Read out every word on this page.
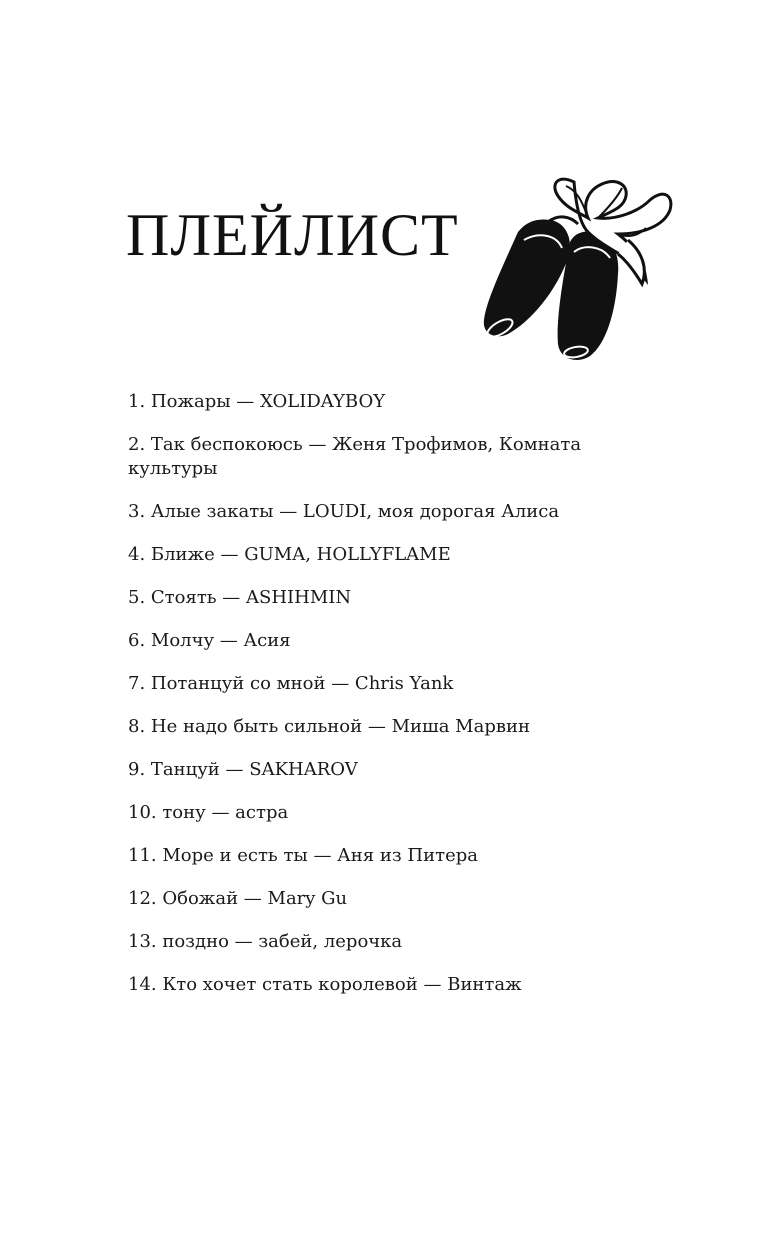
ПЛЕЙЛИСТ
1. Пожары — XOLIDAYBOY
2. Так беспокоюсь — Женя Трофимов, Комната культуры
3. Алые закаты — LOUDI, моя дорогая Алиса
4. Ближе — GUMA, HOLLYFLAME
5. Стоять — ASHIHMIN
6. Молчу — Асия
7. Потанцуй со мной — Chris Yank
8. Не надо быть сильной — Миша Марвин
9. Танцуй — SAKHAROV
10. тону — астра
11. Море и есть ты — Аня из Питера
12. Обожай — Mary Gu
13. поздно — забей, лерочка
14. Кто хочет стать королевой — Винтаж
